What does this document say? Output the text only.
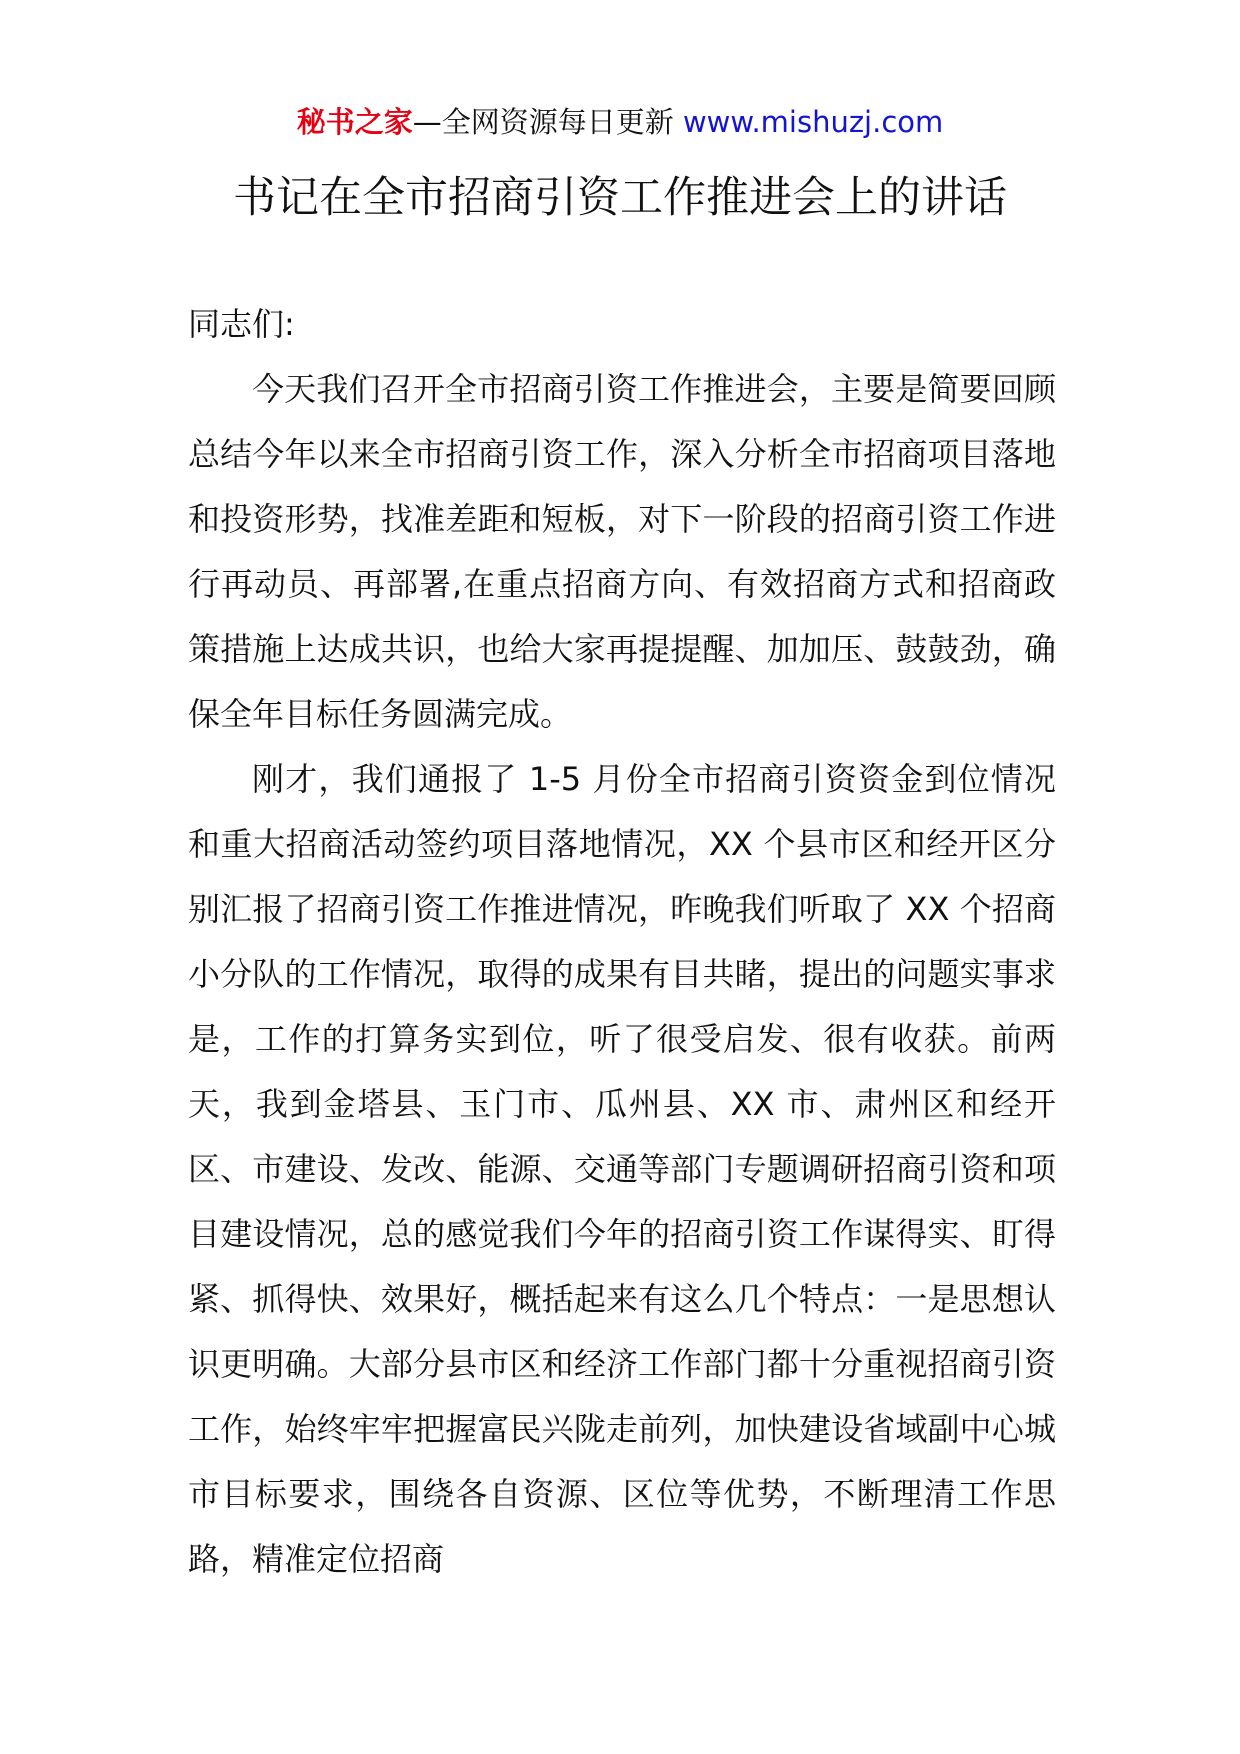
秘书之家—全网资源每日更新 www.mishuzj.com
书记在全市招商引资工作推进会上的讲话

同志们:

今天我们召开全市招商引资工作推进会，主要是简要回顾总结今年以来全市招商引资工作，深入分析全市招商项目落地和投资形势，找准差距和短板，对下一阶段的招商引资工作进行再动员、再部署,在重点招商方向、有效招商方式和招商政策措施上达成共识，也给大家再提提醒、加加压、鼓鼓劲，确保全年目标任务圆满完成。

刚才，我们通报了 1-5 月份全市招商引资资金到位情况和重大招商活动签约项目落地情况，XX 个县市区和经开区分别汇报了招商引资工作推进情况，昨晚我们听取了 XX 个招商小分队的工作情况，取得的成果有目共睹，提出的问题实事求是，工作的打算务实到位，听了很受启发、很有收获。前两天，我到金塔县、玉门市、瓜州县、XX 市、肃州区和经开区、市建设、发改、能源、交通等部门专题调研招商引资和项目建设情况，总的感觉我们今年的招商引资工作谋得实、盯得紧、抓得快、效果好，概括起来有这么几个特点：一是思想认识更明确。大部分县市区和经济工作部门都十分重视招商引资工作，始终牢牢把握富民兴陇走前列，加快建设省域副中心城市目标要求，围绕各自资源、区位等优势，不断理清工作思路，精准定位招商
